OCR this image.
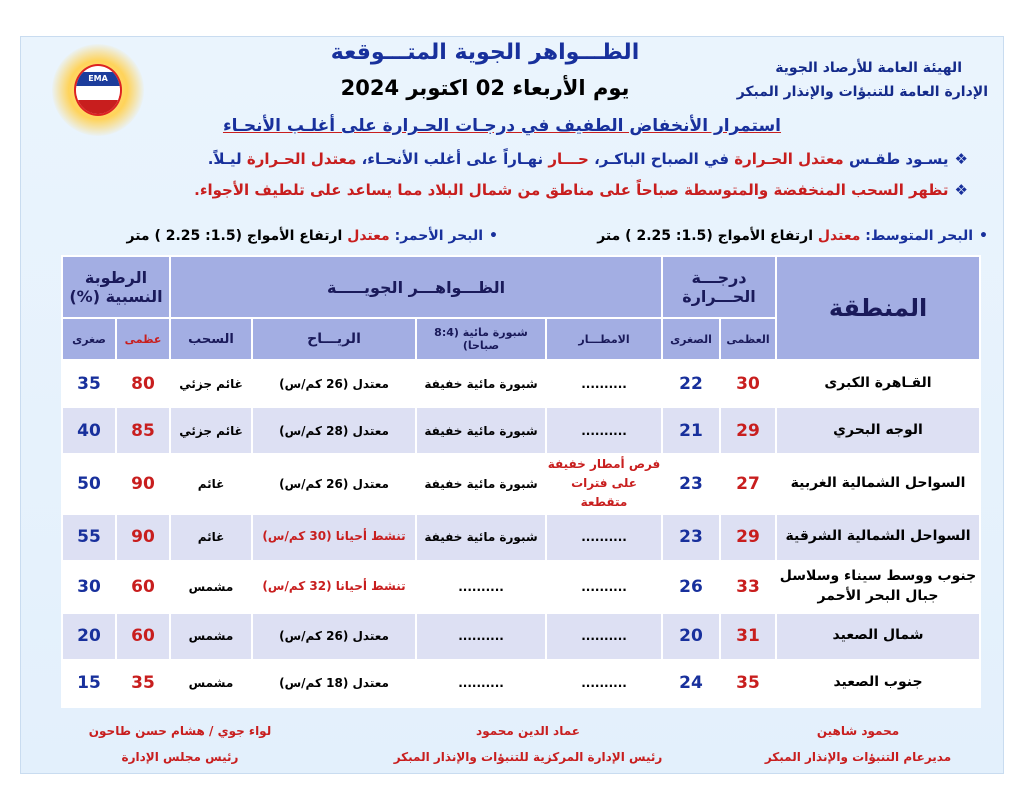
EMA
الهيئة العامة للأرصاد الجوية
الإدارة العامة للتنبؤات والإنذار المبكر
الظـــواهر الجوية المتـــوقعة
يوم الأربعاء 02 اكتوبر 2024
استمرار الأنخفاض الطفيف في درجـات الحـرارة على أغلـب الأنحـاء
❖يسـود طقـس معتدل الحـرارة في الصباح الباكـر، حـــار نهـاراً على أغلب الأنحـاء، معتدل الحـرارة ليـلاً.
❖تظهر السحب المنخفضة والمتوسطة صباحاً على مناطق من شمال البلاد مما يساعد على تلطيف الأجواء.
•البحر المتوسط: معتدل ارتفاع الأمواج (1.5: 2.25 ) متر
•البحر الأحمر: معتدل ارتفاع الأمواج (1.5: 2.25 ) متر
المنطقة	درجـــة الحـــرارة		الظـــواهـــر الجويـــــة				الرطوبة النسبية (%)	
	العظمى	الصغرى	الامطـــار	شبورة مائية (8:4 صباحا)	الريـــاح	السحب	عظمى	صغرى
القـاهرة الكبرى	30	22	..........	شبورة مائية خفيفة	معتدل (26 كم/س)	غائم جزئي	80	35
الوجه البحري	29	21	..........	شبورة مائية خفيفة	معتدل (28 كم/س)	غائم جزئي	85	40
السواحل الشمالية الغربية	27	23	فرص أمطار خفيفة على فترات متقطعة	شبورة مائية خفيفة	معتدل (26 كم/س)	غائم	90	50
السواحل الشمالية الشرقية	29	23	..........	شبورة مائية خفيفة	تنشط أحيانا (30 كم/س)	غائم	90	55
جنوب ووسط سيناء وسلاسل جبال البحر الأحمر	33	26	..........	..........	تنشط أحيانا (32 كم/س)	مشمس	60	30
شمال الصعيد	31	20	..........	..........	معتدل (26 كم/س)	مشمس	60	20
جنوب الصعيد	35	24	..........	..........	معتدل (18 كم/س)	مشمس	35	15
محمود شاهين
مديرعام التنبؤات والإنذار المبكر
عماد الدين محمود
رئيس الإدارة المركزية للتنبؤات والإنذار المبكر
لواء جوي / هشام حسن طاحون
رئيس مجلس الإدارة
